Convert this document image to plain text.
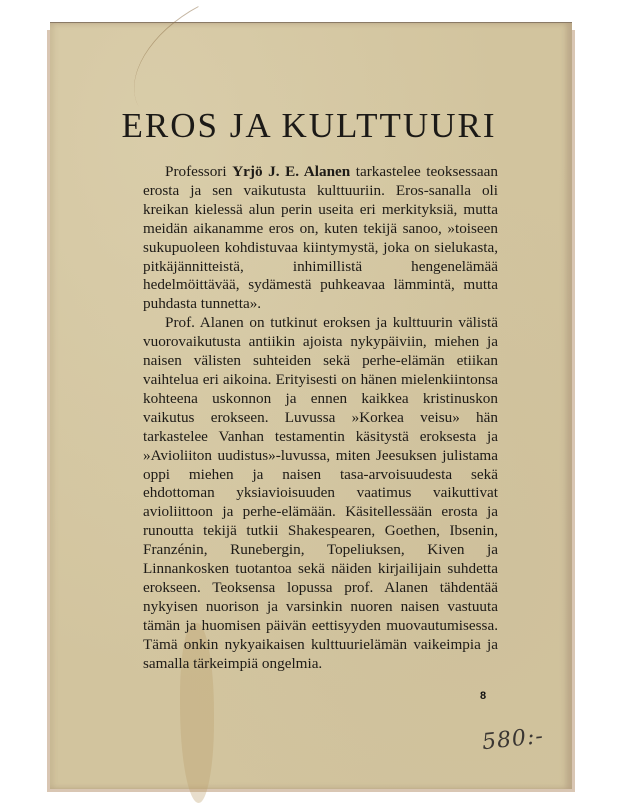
EROS JA KULTTUURI

Professori Yrjö J. E. Alanen tarkastelee teoksessaan erosta ja sen vaikutusta kulttuuriin. Eros-sanalla oli kreikan kielessä alun perin useita eri merkityksiä, mutta meidän aikanamme eros on, kuten tekijä sanoo, »toiseen sukupuoleen kohdistuvaa kiintymystä, joka on sielukasta, pitkäjännitteistä, inhimillistä hengenelämää hedelmöittävää, sydämestä puhkeavaa lämmintä, mutta puhdasta tunnetta».

Prof. Alanen on tutkinut eroksen ja kulttuurin välistä vuorovaikutusta antiikin ajoista nykypäiviin, miehen ja naisen välisten suhteiden sekä perhe-elämän etiikan vaihtelua eri aikoina. Erityisesti on hänen mielenkiintonsa kohteena uskonnon ja ennen kaikkea kristinuskon vaikutus erokseen. Luvussa »Korkea veisu» hän tarkastelee Vanhan testamentin käsitystä eroksesta ja »Avioliiton uudistus»-luvussa, miten Jeesuksen julistama oppi miehen ja naisen tasa-arvoisuudesta sekä ehdottoman yksiavioisuuden vaatimus vaikuttivat avioliittoon ja perhe-elämään. Käsitellessään erosta ja runoutta tekijä tutkii Shakespearen, Goethen, Ibsenin, Franzénin, Runebergin, Topeliuksen, Kiven ja Linnankosken tuotantoa sekä näiden kirjailijain suhdetta erokseen. Teoksensa lopussa prof. Alanen tähdentää nykyisen nuorison ja varsinkin nuoren naisen vastuuta tämän ja huomisen päivän eettisyyden muovautumisessa. Tämä onkin nykyaikaisen kulttuurielämän vaikeimpia ja samalla tärkeimpiä ongelmia.

8
580:-
